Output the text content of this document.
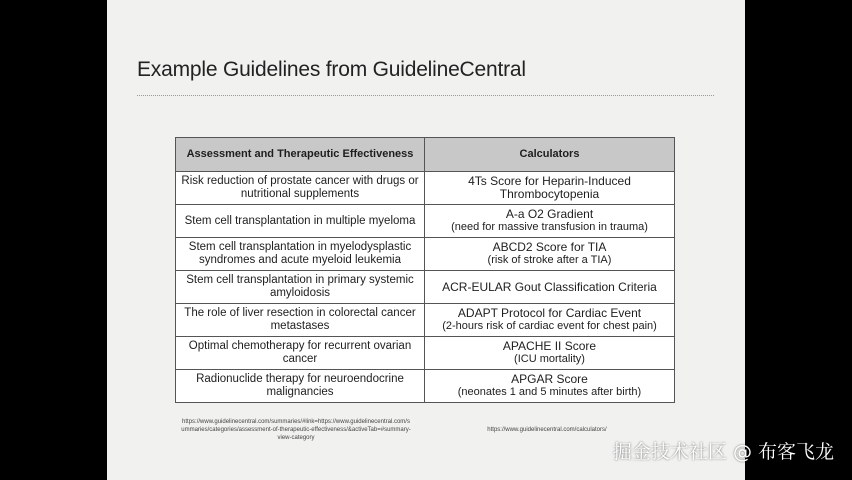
Example Guidelines from GuidelineCentral
Assessment and Therapeutic Effectiveness	Calculators
Risk reduction of prostate cancer with drugs or nutritional supplements	4Ts Score for Heparin-Induced Thrombocytopenia

Stem cell transplantation in multiple myeloma	A-a O2 Gradient
(need for massive transfusion in trauma)

Stem cell transplantation in myelodysplastic syndromes and acute myeloid leukemia	ABCD2 Score for TIA
(risk of stroke after a TIA)

Stem cell transplantation in primary systemic amyloidosis	ACR-EULAR Gout Classification Criteria

The role of liver resection in colorectal cancer metastases	ADAPT Protocol for Cardiac Event
(2-hours risk of cardiac event for chest pain)

Optimal chemotherapy for recurrent ovarian cancer	APACHE II Score
(ICU mortality)

Radionuclide therapy for neuroendocrine malignancies	APGAR Score
(neonates 1 and 5 minutes after birth)
https://www.guidelinecentral.com/summaries/#link=https://www.guidelinecentral.com/summaries/categories/assessment-of-therapeutic-effectiveness/&activeTab=#summary-view-category
https://www.guidelinecentral.com/calculators/
掘金技术社区 @ 布客飞龙
